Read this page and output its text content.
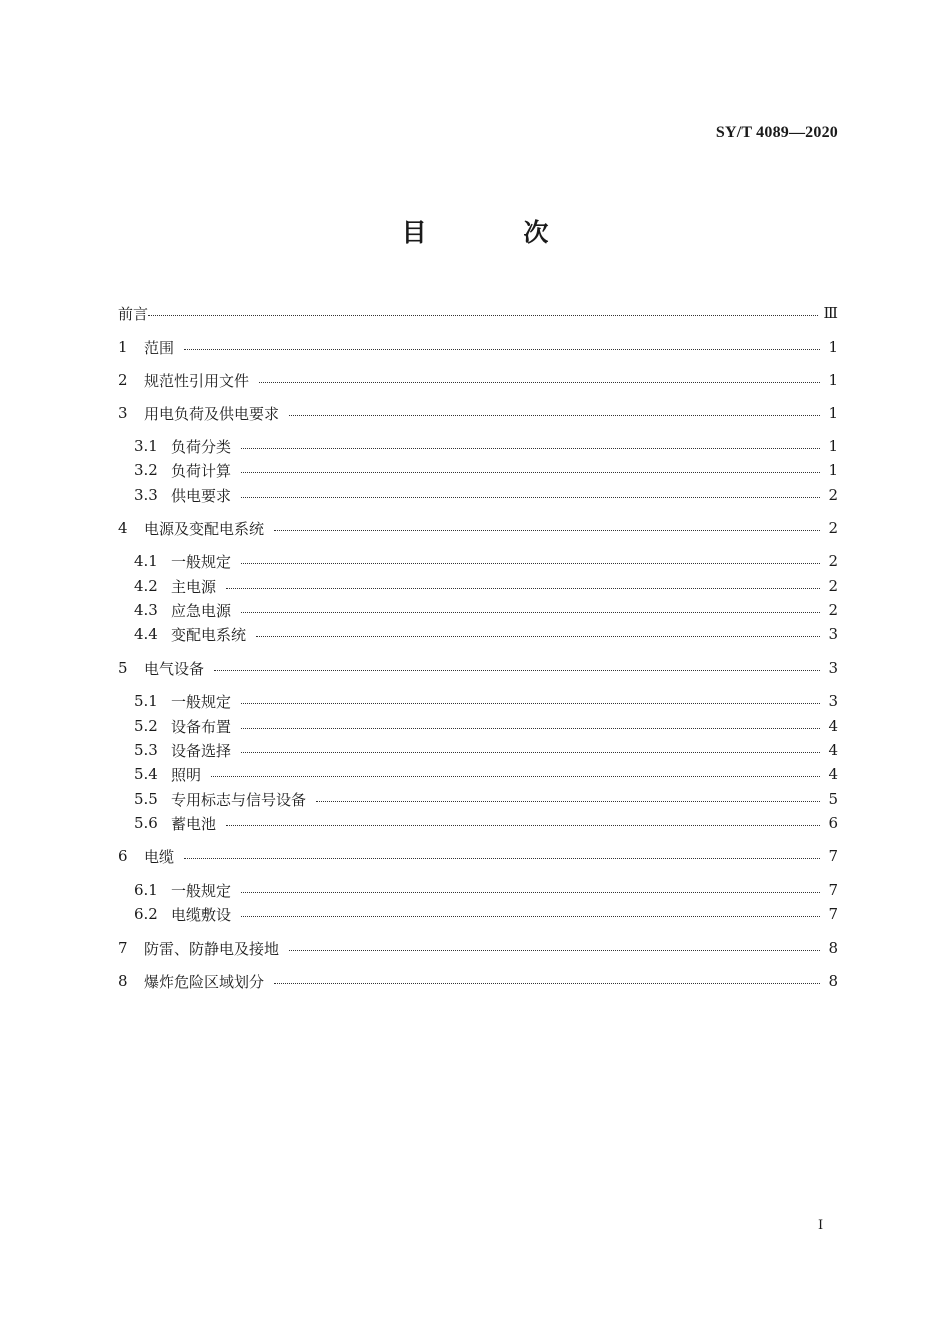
SY/T 4089—2020
目 次
前言	Ⅲ
1	范围	1
2	规范性引用文件	1
3	用电负荷及供电要求	1
3.1 负荷分类	1
3.2 负荷计算	1
3.3 供电要求	2
4	电源及变配电系统	2
4.1 一般规定	2
4.2 主电源	2
4.3 应急电源	2
4.4 变配电系统	3
5	电气设备	3
5.1 一般规定	3
5.2 设备布置	4
5.3 设备选择	4
5.4 照明	4
5.5 专用标志与信号设备	5
5.6 蓄电池	6
6	电缆	7
6.1 一般规定	7
6.2 电缆敷设	7
7	防雷、防静电及接地	8
8	爆炸危险区域划分	8
I
